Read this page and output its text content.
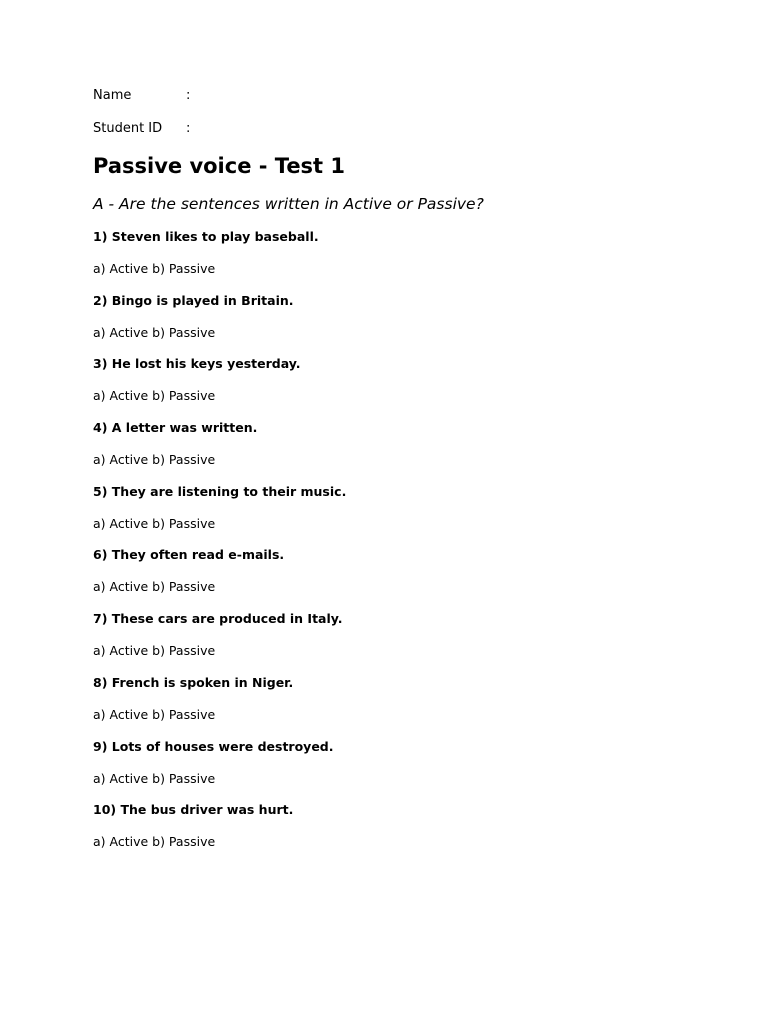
Name	:
Student ID :
Passive voice - Test 1
A - Are the sentences written in Active or Passive?
1) Steven likes to play baseball.
a) Active b) Passive
2) Bingo is played in Britain.
a) Active b) Passive
3) He lost his keys yesterday.
a) Active b) Passive
4) A letter was written.
a) Active b) Passive
5) They are listening to their music.
a) Active b) Passive
6) They often read e-mails.
a) Active b) Passive
7) These cars are produced in Italy.
a) Active b) Passive
8) French is spoken in Niger.
a) Active b) Passive
9) Lots of houses were destroyed.
a) Active b) Passive
10) The bus driver was hurt.
a) Active b) Passive
